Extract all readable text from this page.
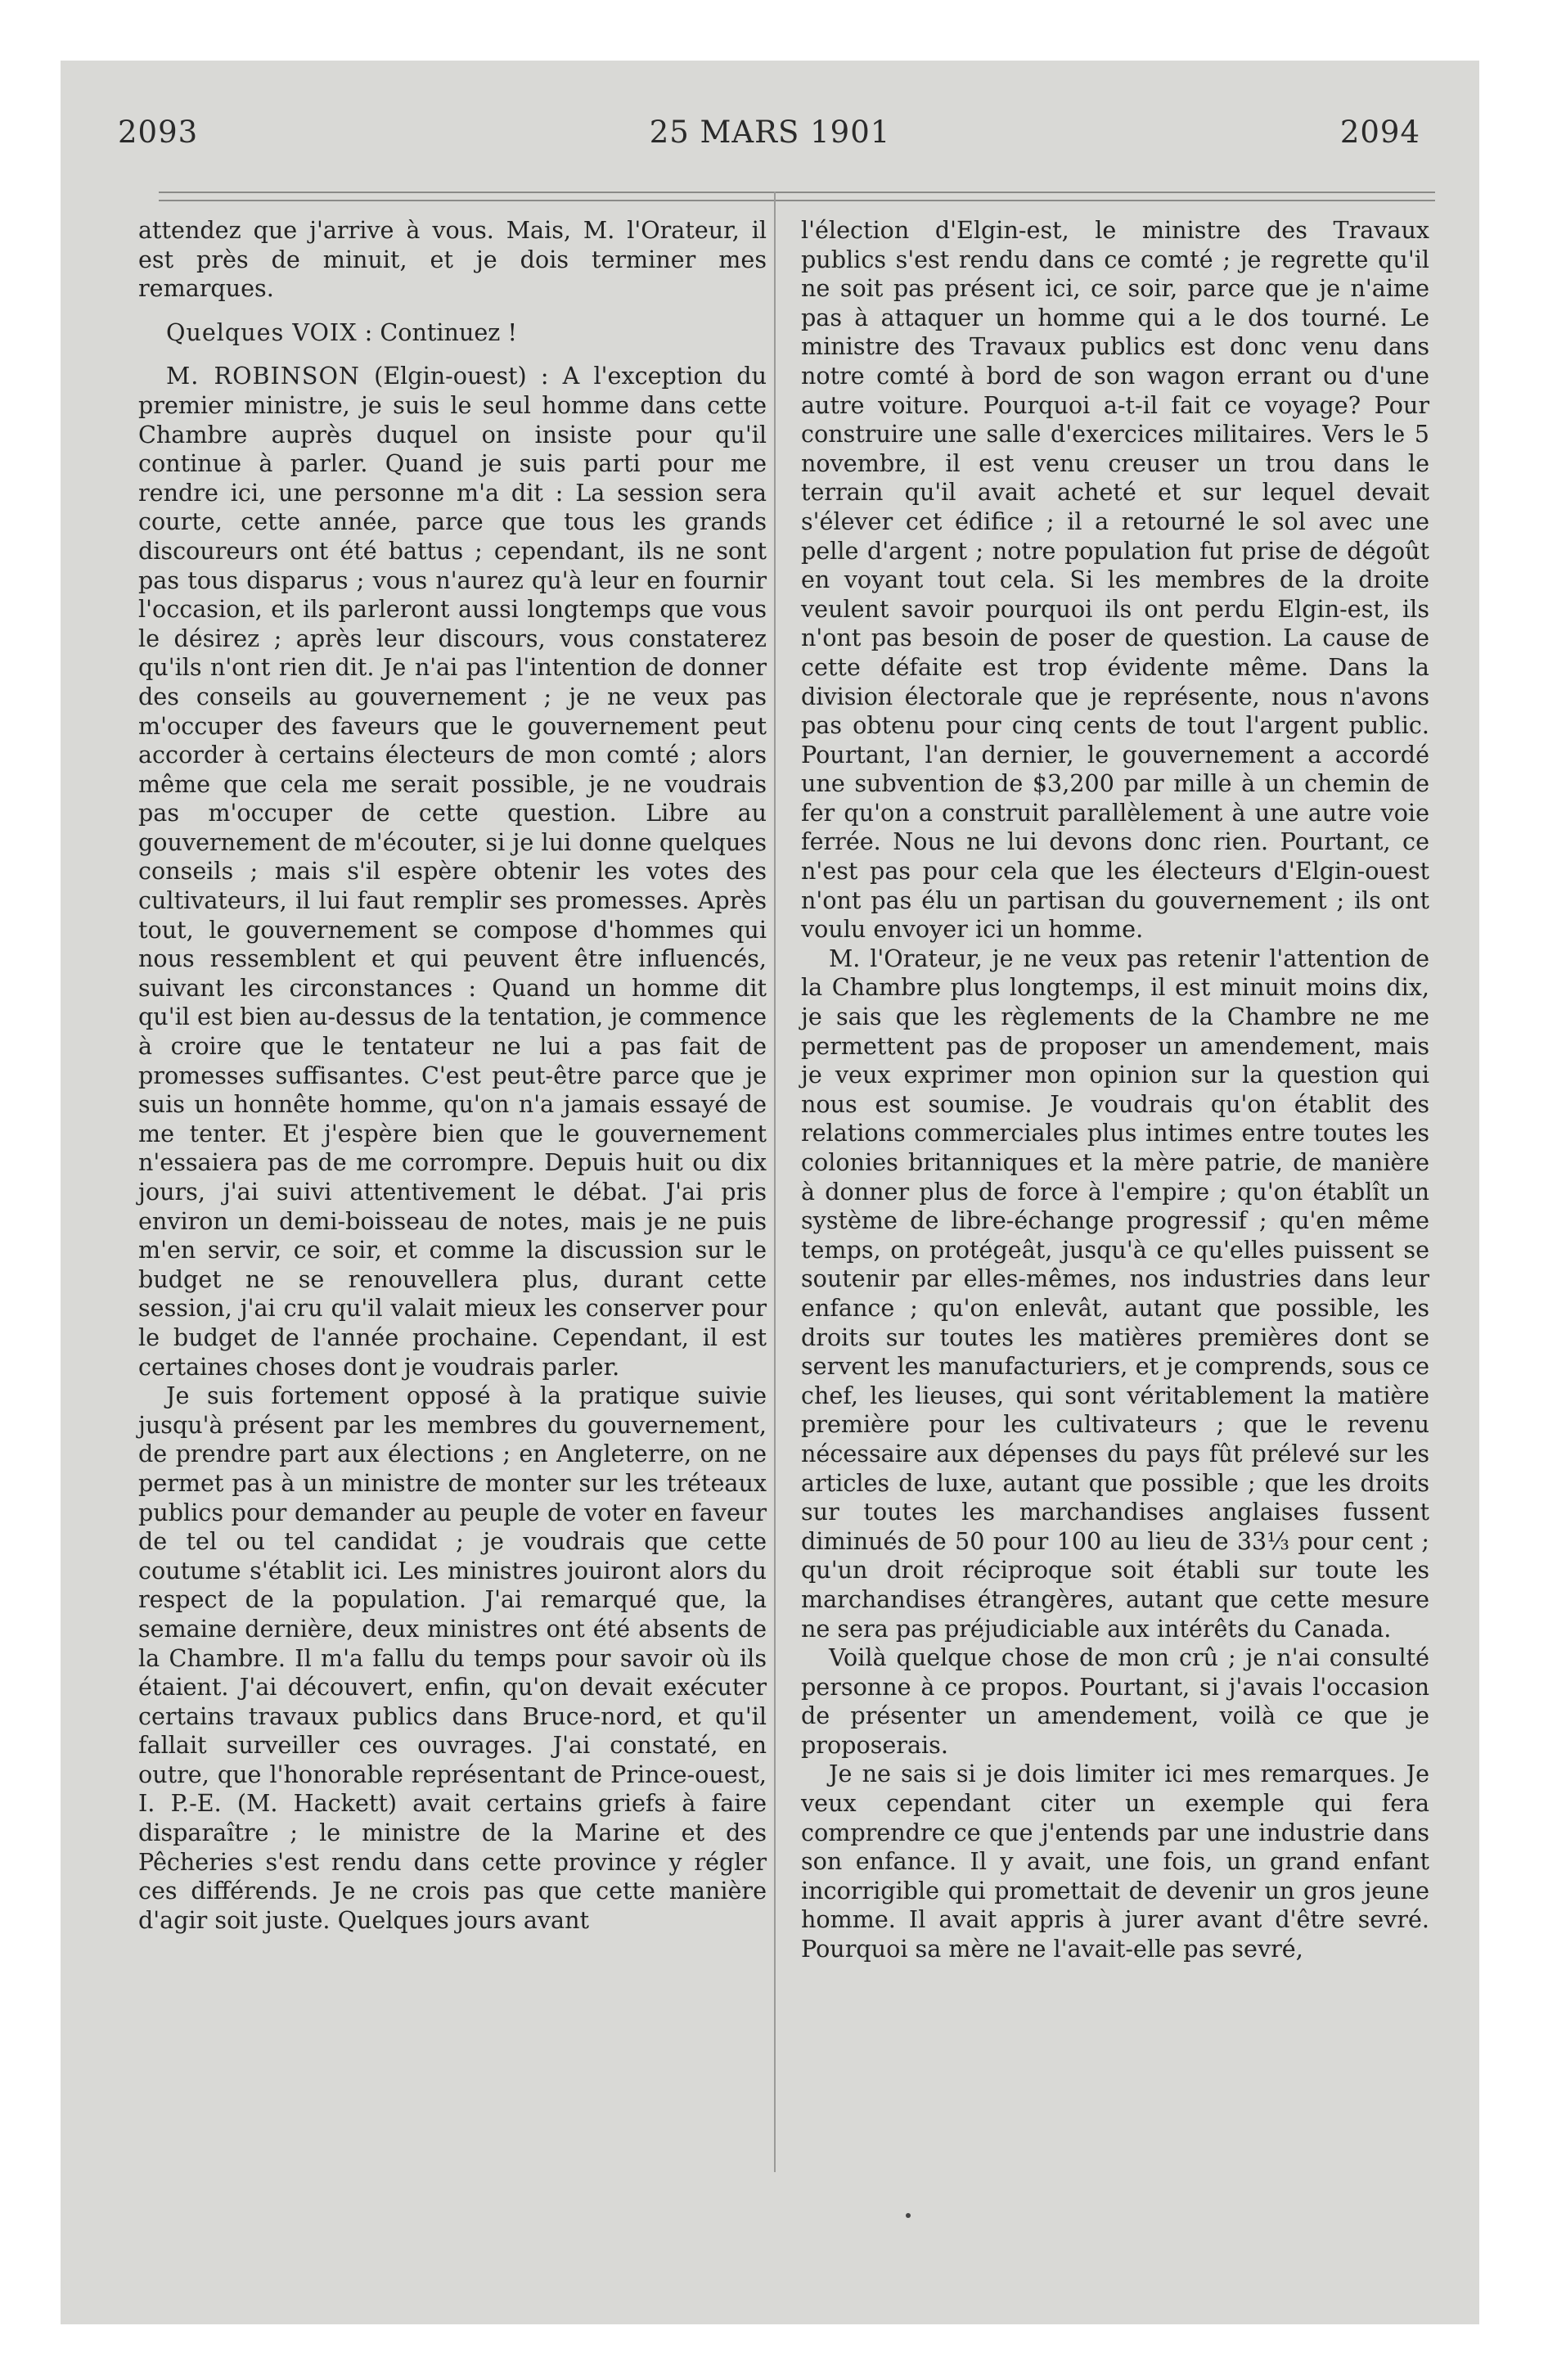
2093	25 MARS 1901	2094

attendez que j'arrive à vous. Mais, M. l'Orateur, il est près de minuit, et je dois terminer mes remarques.

Quelques VOIX : Continuez !

M. ROBINSON (Elgin-ouest) : A l'exception du premier ministre, je suis le seul homme dans cette Chambre auprès duquel on insiste pour qu'il continue à parler. Quand je suis parti pour me rendre ici, une personne m'a dit : La session sera courte, cette année, parce que tous les grands discoureurs ont été battus ; cependant, ils ne sont pas tous disparus ; vous n'aurez qu'à leur en fournir l'occasion, et ils parleront aussi longtemps que vous le désirez ; après leur discours, vous constaterez qu'ils n'ont rien dit. Je n'ai pas l'intention de donner des conseils au gouvernement ; je ne veux pas m'occuper des faveurs que le gouvernement peut accorder à certains électeurs de mon comté ; alors même que cela me serait possible, je ne voudrais pas m'occuper de cette question. Libre au gouvernement de m'écouter, si je lui donne quelques conseils ; mais s'il espère obtenir les votes des cultivateurs, il lui faut remplir ses promesses. Après tout, le gouvernement se compose d'hommes qui nous ressemblent et qui peuvent être influencés, suivant les circonstances : Quand un homme dit qu'il est bien au-dessus de la tentation, je commence à croire que le tentateur ne lui a pas fait de promesses suffisantes. C'est peut-être parce que je suis un honnête homme, qu'on n'a jamais essayé de me tenter. Et j'espère bien que le gouvernement n'essaiera pas de me corrompre. Depuis huit ou dix jours, j'ai suivi attentivement le débat. J'ai pris environ un demi-boisseau de notes, mais je ne puis m'en servir, ce soir, et comme la discussion sur le budget ne se renouvellera plus, durant cette session, j'ai cru qu'il valait mieux les conserver pour le budget de l'année prochaine. Cependant, il est certaines choses dont je voudrais parler.

Je suis fortement opposé à la pratique suivie jusqu'à présent par les membres du gouvernement, de prendre part aux élections ; en Angleterre, on ne permet pas à un ministre de monter sur les tréteaux publics pour demander au peuple de voter en faveur de tel ou tel candidat ; je voudrais que cette coutume s'établit ici. Les ministres jouiront alors du respect de la population. J'ai remarqué que, la semaine dernière, deux ministres ont été absents de la Chambre. Il m'a fallu du temps pour savoir où ils étaient. J'ai découvert, enfin, qu'on devait exécuter certains travaux publics dans Bruce-nord, et qu'il fallait surveiller ces ouvrages. J'ai constaté, en outre, que l'honorable représentant de Prince-ouest, I. P.-E. (M. Hackett) avait certains griefs à faire disparaître ; le ministre de la Marine et des Pêcheries s'est rendu dans cette province y régler ces différends. Je ne crois pas que cette manière d'agir soit juste. Quelques jours avant

l'élection d'Elgin-est, le ministre des Travaux publics s'est rendu dans ce comté ; je regrette qu'il ne soit pas présent ici, ce soir, parce que je n'aime pas à attaquer un homme qui a le dos tourné. Le ministre des Travaux publics est donc venu dans notre comté à bord de son wagon errant ou d'une autre voiture. Pourquoi a-t-il fait ce voyage? Pour construire une salle d'exercices militaires. Vers le 5 novembre, il est venu creuser un trou dans le terrain qu'il avait acheté et sur lequel devait s'élever cet édifice ; il a retourné le sol avec une pelle d'argent ; notre population fut prise de dégoût en voyant tout cela. Si les membres de la droite veulent savoir pourquoi ils ont perdu Elgin-est, ils n'ont pas besoin de poser de question. La cause de cette défaite est trop évidente même. Dans la division électorale que je représente, nous n'avons pas obtenu pour cinq cents de tout l'argent public. Pourtant, l'an dernier, le gouvernement a accordé une subvention de $3,200 par mille à un chemin de fer qu'on a construit parallèlement à une autre voie ferrée. Nous ne lui devons donc rien. Pourtant, ce n'est pas pour cela que les électeurs d'Elgin-ouest n'ont pas élu un partisan du gouvernement ; ils ont voulu envoyer ici un homme.

M. l'Orateur, je ne veux pas retenir l'attention de la Chambre plus longtemps, il est minuit moins dix, je sais que les règlements de la Chambre ne me permettent pas de proposer un amendement, mais je veux exprimer mon opinion sur la question qui nous est soumise. Je voudrais qu'on établit des relations commerciales plus intimes entre toutes les colonies britanniques et la mère patrie, de manière à donner plus de force à l'empire ; qu'on établît un système de libre-échange progressif ; qu'en même temps, on protégeât, jusqu'à ce qu'elles puissent se soutenir par elles-mêmes, nos industries dans leur enfance ; qu'on enlevât, autant que possible, les droits sur toutes les matières premières dont se servent les manufacturiers, et je comprends, sous ce chef, les lieuses, qui sont véritablement la matière première pour les cultivateurs ; que le revenu nécessaire aux dépenses du pays fût prélevé sur les articles de luxe, autant que possible ; que les droits sur toutes les marchandises anglaises fussent diminués de 50 pour 100 au lieu de 33⅓ pour cent ; qu'un droit réciproque soit établi sur toute les marchandises étrangères, autant que cette mesure ne sera pas préjudiciable aux intérêts du Canada.

Voilà quelque chose de mon crû ; je n'ai consulté personne à ce propos. Pourtant, si j'avais l'occasion de présenter un amendement, voilà ce que je proposerais.

Je ne sais si je dois limiter ici mes remarques. Je veux cependant citer un exemple qui fera comprendre ce que j'entends par une industrie dans son enfance. Il y avait, une fois, un grand enfant incorrigible qui promettait de devenir un gros jeune homme. Il avait appris à jurer avant d'être sevré. Pourquoi sa mère ne l'avait-elle pas sevré,
